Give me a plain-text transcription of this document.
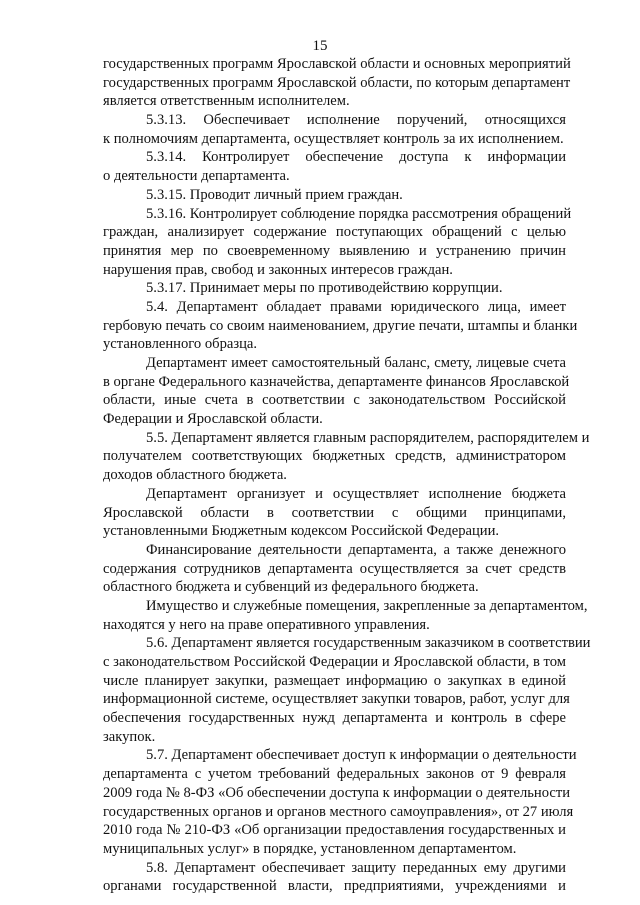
15
государственных программ Ярославской области и основных мероприятий
государственных программ Ярославской области, по которым департамент
является ответственным исполнителем.
5.3.13. Обеспечивает исполнение поручений, относящихся
к полномочиям департамента, осуществляет контроль за их исполнением.
5.3.14. Контролирует обеспечение доступа к информации
о деятельности департамента.
5.3.15. Проводит личный прием граждан.
5.3.16. Контролирует соблюдение порядка рассмотрения обращений
граждан, анализирует содержание поступающих обращений с целью
принятия мер по своевременному выявлению и устранению причин
нарушения прав, свобод и законных интересов граждан.
5.3.17. Принимает меры по противодействию коррупции.
5.4. Департамент обладает правами юридического лица, имеет
гербовую печать со своим наименованием, другие печати, штампы и бланки
установленного образца.
Департамент имеет самостоятельный баланс, смету, лицевые счета
в органе Федерального казначейства, департаменте финансов Ярославской
области, иные счета в соответствии с законодательством Российской
Федерации и Ярославской области.
5.5. Департамент является главным распорядителем, распорядителем и
получателем соответствующих бюджетных средств, администратором
доходов областного бюджета.
Департамент организует и осуществляет исполнение бюджета
Ярославской области в соответствии с общими принципами,
установленными Бюджетным кодексом Российской Федерации.
Финансирование деятельности департамента, а также денежного
содержания сотрудников департамента осуществляется за счет средств
областного бюджета и субвенций из федерального бюджета.
Имущество и служебные помещения, закрепленные за департаментом,
находятся у него на праве оперативного управления.
5.6. Департамент является государственным заказчиком в соответствии
с законодательством Российской Федерации и Ярославской области, в том
числе планирует закупки, размещает информацию о закупках в единой
информационной системе, осуществляет закупки товаров, работ, услуг для
обеспечения государственных нужд департамента и контроль в сфере
закупок.
5.7. Департамент обеспечивает доступ к информации о деятельности
департамента с учетом требований федеральных законов от 9 февраля
2009 года № 8-ФЗ «Об обеспечении доступа к информации о деятельности
государственных органов и органов местного самоуправления», от 27 июля
2010 года № 210-ФЗ «Об организации предоставления государственных и
муниципальных услуг» в порядке, установленном департаментом.
5.8. Департамент обеспечивает защиту переданных ему другими
органами государственной власти, предприятиями, учреждениями и
